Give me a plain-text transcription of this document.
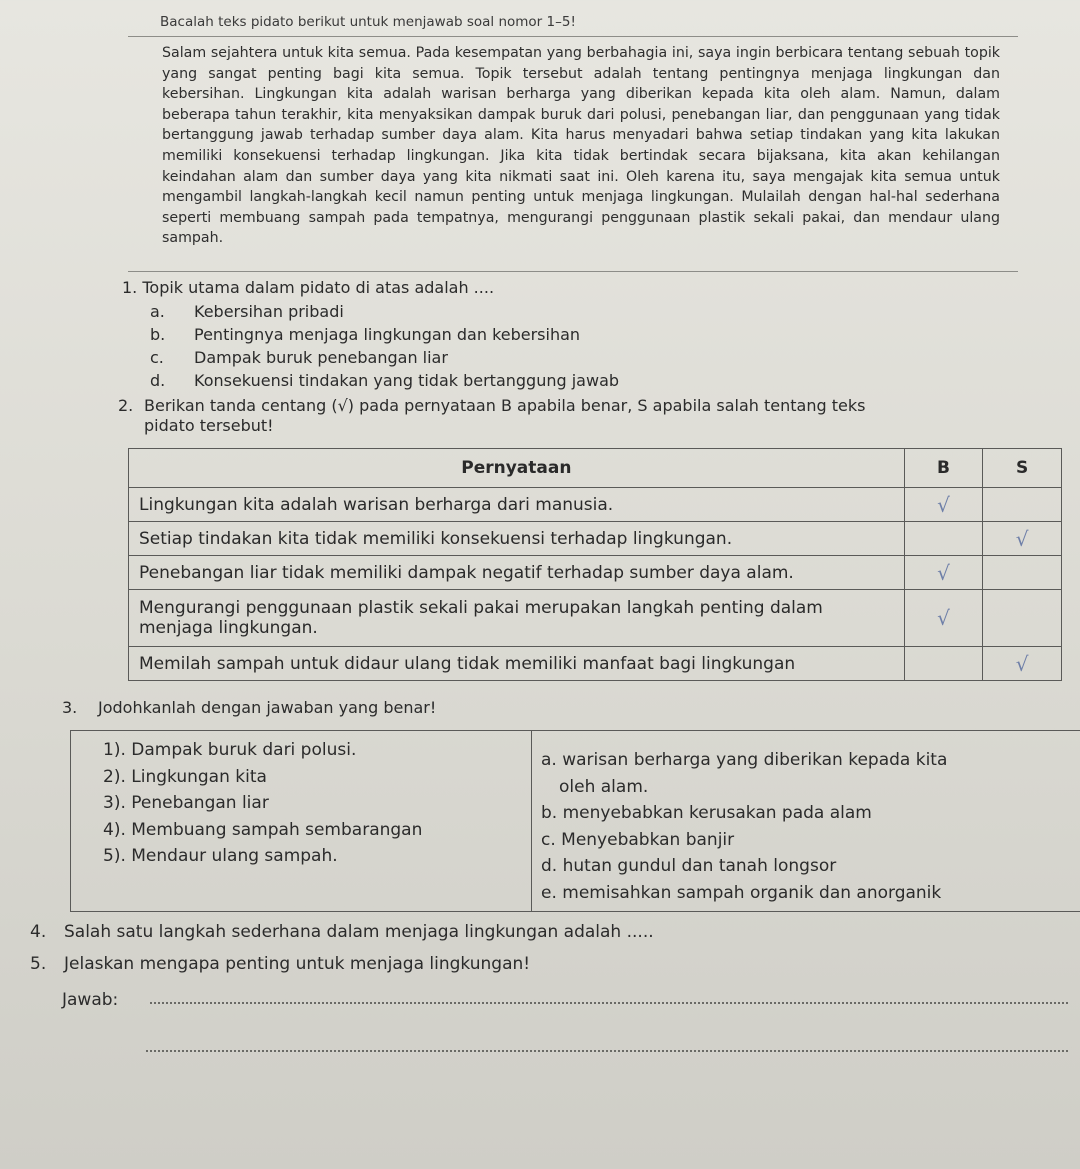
Bacalah teks pidato berikut untuk menjawab soal nomor 1–5!
Salam sejahtera untuk kita semua. Pada kesempatan yang berbahagia ini, saya ingin berbicara tentang sebuah topik yang sangat penting bagi kita semua. Topik tersebut adalah tentang pentingnya menjaga lingkungan dan kebersihan. Lingkungan kita adalah warisan berharga yang diberikan kepada kita oleh alam. Namun, dalam beberapa tahun terakhir, kita menyaksikan dampak buruk dari polusi, penebangan liar, dan penggunaan yang tidak bertanggung jawab terhadap sumber daya alam. Kita harus menyadari bahwa setiap tindakan yang kita lakukan memiliki konsekuensi terhadap lingkungan. Jika kita tidak bertindak secara bijaksana, kita akan kehilangan keindahan alam dan sumber daya yang kita nikmati saat ini. Oleh karena itu, saya mengajak kita semua untuk mengambil langkah-langkah kecil namun penting untuk menjaga lingkungan. Mulailah dengan hal-hal sederhana seperti membuang sampah pada tempatnya, mengurangi penggunaan plastik sekali pakai, dan mendaur ulang sampah.
1. Topik utama dalam pidato di atas adalah ....
a. Kebersihan pribadi
b. Pentingnya menjaga lingkungan dan kebersihan
c. Dampak buruk penebangan liar
d. Konsekuensi tindakan yang tidak bertanggung jawab
2. Berikan tanda centang (√) pada pernyataan B apabila benar, S apabila salah tentang teks
pidato tersebut!
Pernyataan	B	S
Lingkungan kita adalah warisan berharga dari manusia.	√	
Setiap tindakan kita tidak memiliki konsekuensi terhadap lingkungan.		√
Penebangan liar tidak memiliki dampak negatif terhadap sumber daya alam.	√	
Mengurangi penggunaan plastik sekali pakai merupakan langkah penting dalam menjaga lingkungan.	√	
Memilah sampah untuk didaur ulang tidak memiliki manfaat bagi lingkungan		√
3. Jodohkanlah dengan jawaban yang benar!
1). Dampak buruk dari polusi.
2). Lingkungan kita
3). Penebangan liar
4). Membuang sampah sembarangan
5). Mendaur ulang sampah.
a. warisan berharga yang diberikan kepada kita
oleh alam.
b. menyebabkan kerusakan pada alam
c. Menyebabkan banjir
d. hutan gundul dan tanah longsor
e. memisahkan sampah organik dan anorganik
4. Salah satu langkah sederhana dalam menjaga lingkungan adalah .....
5. Jelaskan mengapa penting untuk menjaga lingkungan!
Jawab:
